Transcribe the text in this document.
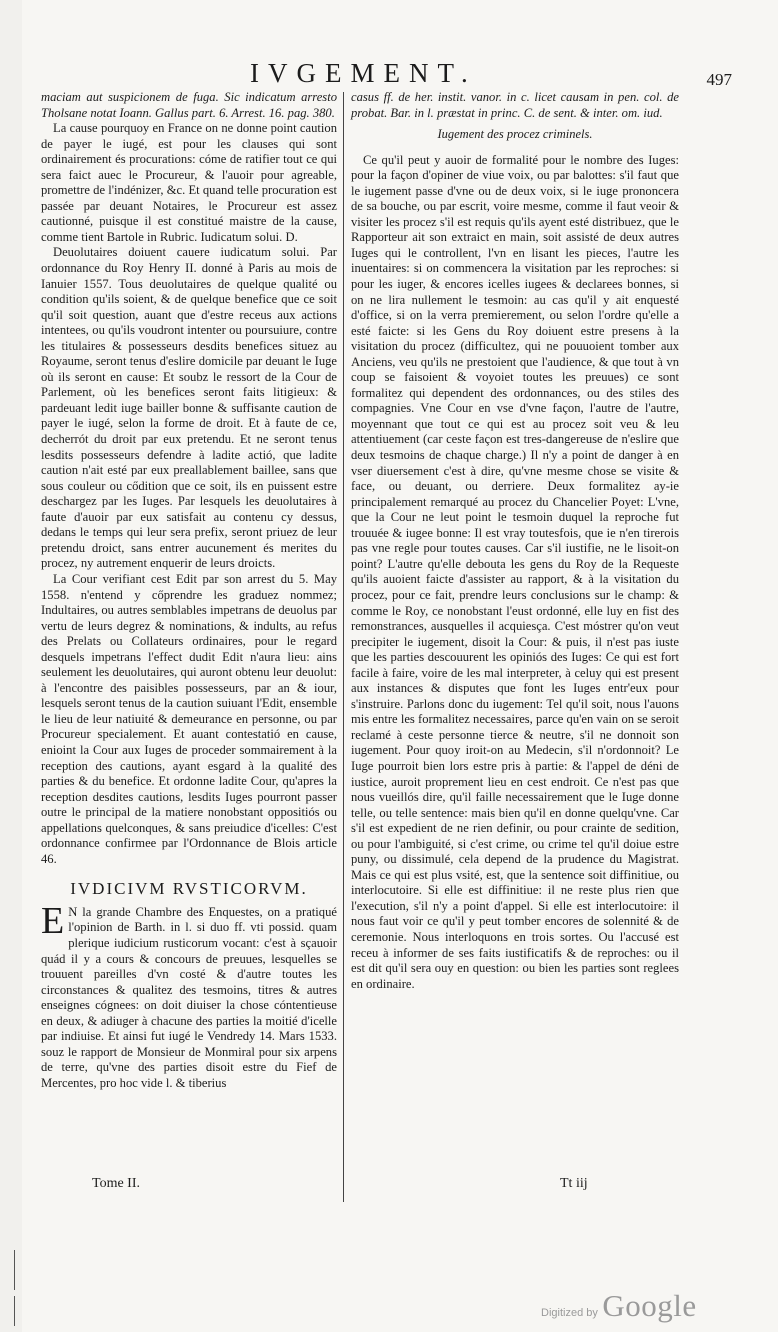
IVGEMENT.	497

maciam aut suspicionem de fuga. Sic indicatum arresto Tholsane notat Ioann. Gallus part. 6. Arrest. 16. pag. 380.

La cause pourquoy en France on ne donne point caution de payer le iugé, est pour les clauses qui sont ordinairement és procurations: cóme de ratifier tout ce qui sera faict auec le Procureur, & l'auoir pour agreable, promettre de l'indénizer, &c. Et quand telle procuration est passée par deuant Notaires, le Procureur est assez cautionné, puisque il est constitué maistre de la cause, comme tient Bartole in Rubric. Iudicatum solui. D.

Deuolutaires doiuent cauere iudicatum solui. Par ordonnance du Roy Henry II. donné à Paris au mois de Ianuier 1557. Tous deuolutaires de quelque qualité ou condition qu'ils soient, & de quelque benefice que ce soit qu'il soit question, auant que d'estre receus aux actions intentees, ou qu'ils voudront intenter ou poursuiure, contre les titulaires & possesseurs desdits benefices situez au Royaume, seront tenus d'eslire domicile par deuant le Iuge où ils seront en cause: Et soubz le ressort de la Cour de Parlement, où les benefices seront faits litigieux: & pardeuant ledit iuge bailler bonne & suffisante caution de payer le iugé, selon la forme de droit. Et à faute de ce, decherrót du droit par eux pretendu. Et ne seront tenus lesdits possesseurs defendre à ladite actió, que ladite caution n'ait esté par eux preallablement baillee, sans que sous couleur ou cődition que ce soit, ils en puissent estre deschargez par les Iuges. Par lesquels les deuolutaires à faute d'auoir par eux satisfait au contenu cy dessus, dedans le temps qui leur sera prefix, seront priuez de leur pretendu droict, sans entrer aucunement és merites du procez, ny autrement enquerir de leurs droicts.

La Cour verifiant cest Edit par son arrest du 5. May 1558. n'entend y cőprendre les graduez nommez; Indultaires, ou autres semblables impetrans de deuolus par vertu de leurs degrez & nominations, & indults, au refus des Prelats ou Collateurs ordinaires, pour le regard desquels impetrans l'effect dudit Edit n'aura lieu: ains seulement les deuolutaires, qui auront obtenu leur deuolut: à l'encontre des paisibles possesseurs, par an & iour, lesquels seront tenus de la caution suiuant l'Edit, ensemble le lieu de leur natiuité & demeurance en personne, ou par Procureur specialement. Et auant contestatió en cause, enioint la Cour aux Iuges de proceder sommairement à la reception des cautions, ayant esgard à la qualité des parties & du benefice. Et ordonne ladite Cour, qu'apres la reception desdites cautions, lesdits Iuges pourront passer outre le principal de la matiere nonobstant oppositiós ou appellations quelconques, & sans preiudice d'icelles: C'est ordonnance confirmee par l'Ordonnance de Blois article 46.

IVDICIVM RVSTICORVM.

E N la grande Chambre des Enquestes, on a pratiqué l'opinion de Barth. in l. si duo ff. vti possid. quam plerique iudicium rusticorum vocant: c'est à sçauoir quád il y a cours & concours de preuues, lesquelles se trouuent pareilles d'vn costé & d'autre toutes les circonstances & qualitez des tesmoins, titres & autres enseignes cógnees: on doit diuiser la chose cóntentieuse en deux, & adiuger à chacune des parties la moitié d'icelle par indiuise. Et ainsi fut iugé le Vendredy 14. Mars 1533. souz le rapport de Monsieur de Monmiral pour six arpens de terre, qu'vne des parties disoit estre du Fief de Mercentes, pro hoc vide l. & tiberius

casus ff. de her. instit. vanor. in c. licet causam in pen. col. de probat. Bar. in l. præstat in princ. C. de sent. & inter. om. iud.

Iugement des procez criminels.

Ce qu'il peut y auoir de formalité pour le nombre des Iuges: pour la façon d'opiner de viue voix, ou par balottes: s'il faut que le iugement passe d'vne ou de deux voix, si le iuge prononcera de sa bouche, ou par escrit, voire mesme, comme il faut veoir & visiter les procez s'il est requis qu'ils ayent esté distribuez, que le Rapporteur ait son extraict en main, soit assisté de deux autres Iuges qui le controllent, l'vn en lisant les pieces, l'autre les inuentaires: si on commencera la visitation par les reproches: si pour les iuger, & encores icelles iugees & declarees bonnes, si on ne lira nullement le tesmoin: au cas qu'il y ait enquesté d'office, si on la verra premierement, ou selon l'ordre qu'elle a esté faicte: si les Gens du Roy doiuent estre presens à la visitation du procez (difficultez, qui ne pouuoient tomber aux Anciens, veu qu'ils ne prestoient que l'audience, & que tout à vn coup se faisoient & voyoiet toutes les preuues) ce sont formalitez qui dependent des ordonnances, ou des stiles des compagnies. Vne Cour en vse d'vne façon, l'autre de l'autre, moyennant que tout ce qui est au procez soit veu & leu attentiuement (car ceste façon est tres-dangereuse de n'eslire que deux tesmoins de chaque charge.) Il n'y a point de danger à en vser diuersement c'est à dire, qu'vne mesme chose se visite & face, ou deuant, ou derriere. Deux formalitez ay-ie principalement remarqué au procez du Chancelier Poyet: L'vne, que la Cour ne leut point le tesmoin duquel la reproche fut trouuée & iugee bonne: Il est vray toutesfois, que ie n'en tirerois pas vne regle pour toutes causes. Car s'il iustifie, ne le lisoit-on point? L'autre qu'elle debouta les gens du Roy de la Requeste qu'ils auoient faicte d'assister au rapport, & à la visitation du procez, pour ce fait, prendre leurs conclusions sur le champ: & comme le Roy, ce nonobstant l'eust ordonné, elle luy en fist des remonstrances, ausquelles il acquiesça. C'est móstrer qu'on veut precipiter le iugement, disoit la Cour: & puis, il n'est pas iuste que les parties descouurent les opiniós des Iuges: Ce qui est fort facile à faire, voire de les mal interpreter, à celuy qui est present aux instances & disputes que font les Iuges entr'eux pour s'instruire. Parlons donc du iugement: Tel qu'il soit, nous l'auons mis entre les formalitez necessaires, parce qu'en vain on se seroit reclamé à ceste personne tierce & neutre, s'il ne donnoit son iugement. Pour quoy iroit-on au Medecin, s'il n'ordonnoit? Le Iuge pourroit bien lors estre pris à partie: & l'appel de déni de iustice, auroit proprement lieu en cest endroit. Ce n'est pas que nous vueillós dire, qu'il faille necessairement que le Iuge donne telle, ou telle sentence: mais bien qu'il en donne quelqu'vne. Car s'il est expedient de ne rien definir, ou pour crainte de sedition, ou pour l'ambiguité, si c'est crime, ou crime tel qu'il doiue estre puny, ou dissimulé, cela depend de la prudence du Magistrat. Mais ce qui est plus vsité, est, que la sentence soit diffinitiue, ou interlocutoire. Si elle est diffinitiue: il ne reste plus rien que l'execution, s'il n'y a point d'appel. Si elle est interlocutoire: il nous faut voir ce qu'il y peut tomber encores de solennité & de ceremonie. Nous interloquons en trois sortes. Ou l'accusé est receu à informer de ses faits iustificatifs & de reproches: ou il est dit qu'il sera ouy en question: ou bien les parties sont reglees en ordinaire.

Tome II.	Tt iij
Digitized by Google
